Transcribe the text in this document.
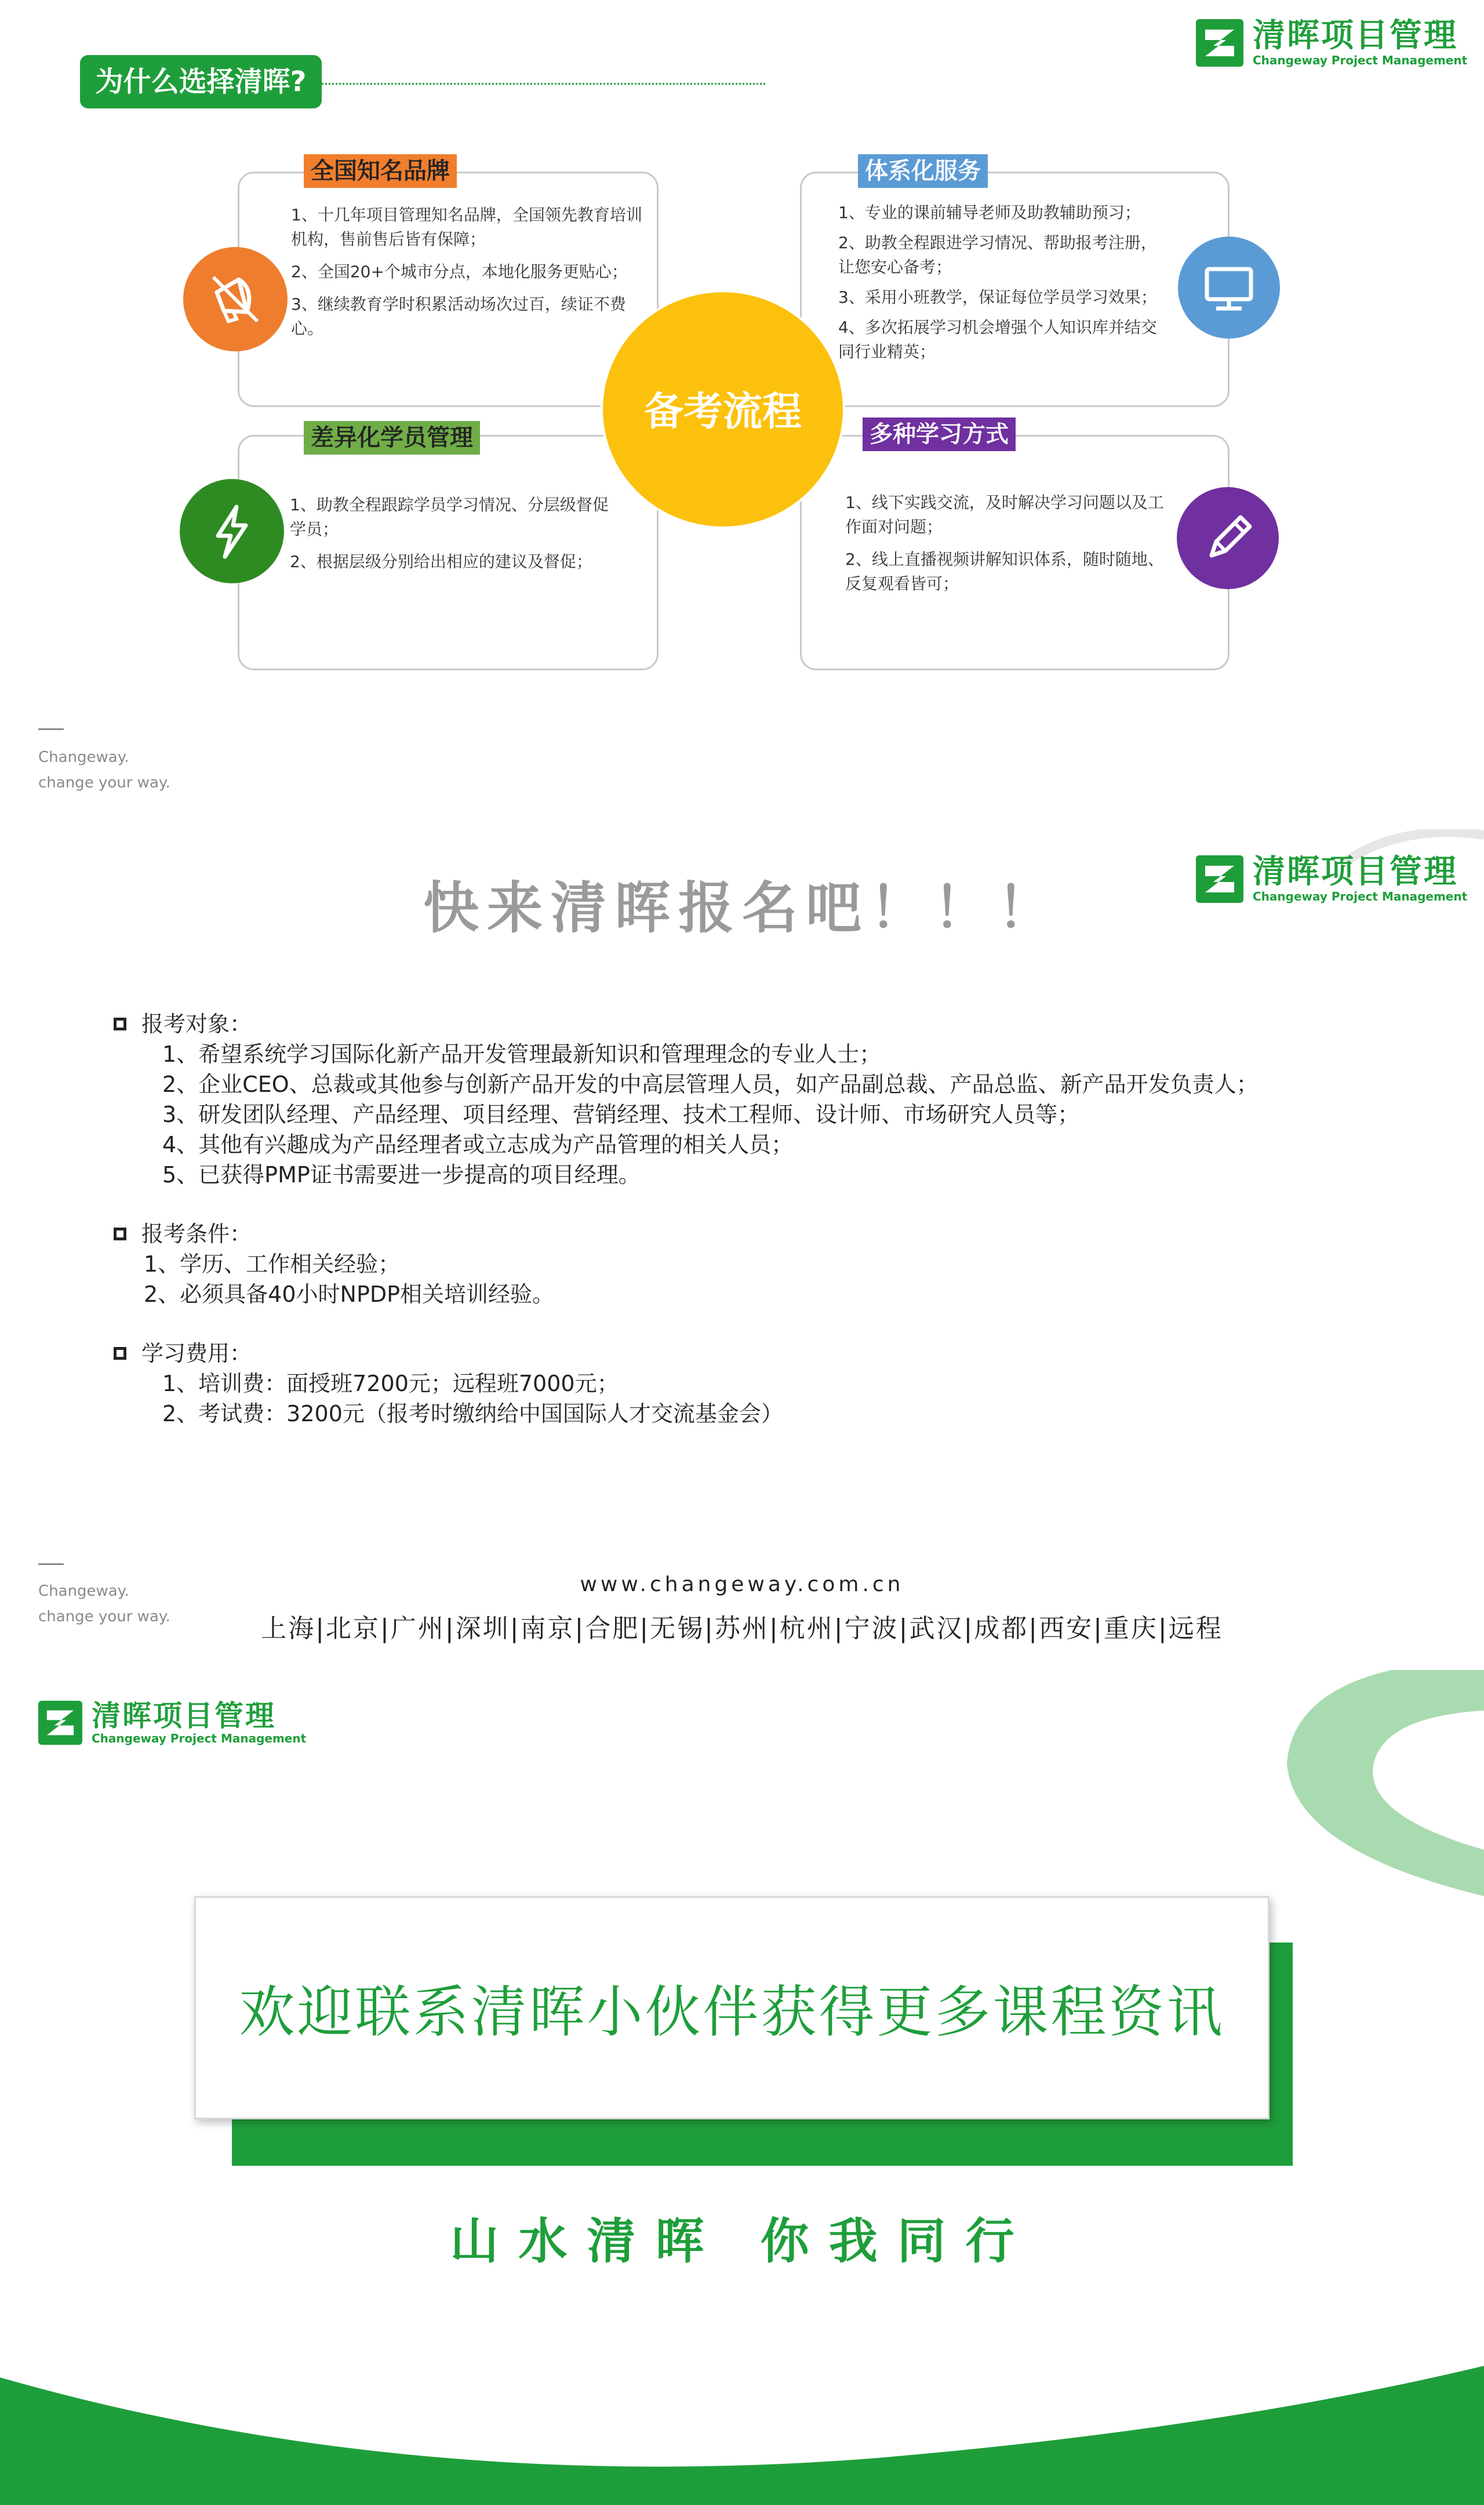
清晖项目管理
Changeway Project Management
为什么选择清晖?
全国知名品牌

1、十几年项目管理知名品牌，全国领先教育培训机构，售前售后皆有保障；

2、全国20+个城市分点，本地化服务更贴心；

3、继续教育学时积累活动场次过百，续证不费心。

体系化服务

1、专业的课前辅导老师及助教辅助预习；

2、助教全程跟进学习情况、帮助报考注册，让您安心备考；

3、采用小班教学，保证每位学员学习效果；

4、多次拓展学习机会增强个人知识库并结交同行业精英；

差异化学员管理

1、助教全程跟踪学员学习情况、分层级督促学员；

2、根据层级分别给出相应的建议及督促；

多种学习方式

1、线下实践交流，及时解决学习问题以及工作面对问题；

2、线上直播视频讲解知识体系，随时随地、反复观看皆可；

备考流程
Changeway.
change your way.
清晖项目管理
Changeway Project Management
快来清晖报名吧！！！
报考对象：
1、希望系统学习国际化新产品开发管理最新知识和管理理念的专业人士；
2、企业CEO、总裁或其他参与创新产品开发的中高层管理人员，如产品副总裁、产品总监、新产品开发负责人；
3、研发团队经理、产品经理、项目经理、营销经理、技术工程师、设计师、市场研究人员等；
4、其他有兴趣成为产品经理者或立志成为产品管理的相关人员；
5、已获得PMP证书需要进一步提高的项目经理。
报考条件：
1、学历、工作相关经验；
2、必须具备40小时NPDP相关培训经验。
学习费用：
1、培训费：面授班7200元；远程班7000元；
2、考试费：3200元（报考时缴纳给中国国际人才交流基金会）
Changeway.
change your way.
www.changeway.com.cn
上海|北京|广州|深圳|南京|合肥|无锡|苏州|杭州|宁波|武汉|成都|西安|重庆|远程
清晖项目管理
Changeway Project Management
欢迎联系清晖小伙伴获得更多课程资讯
山水清晖 你我同行
